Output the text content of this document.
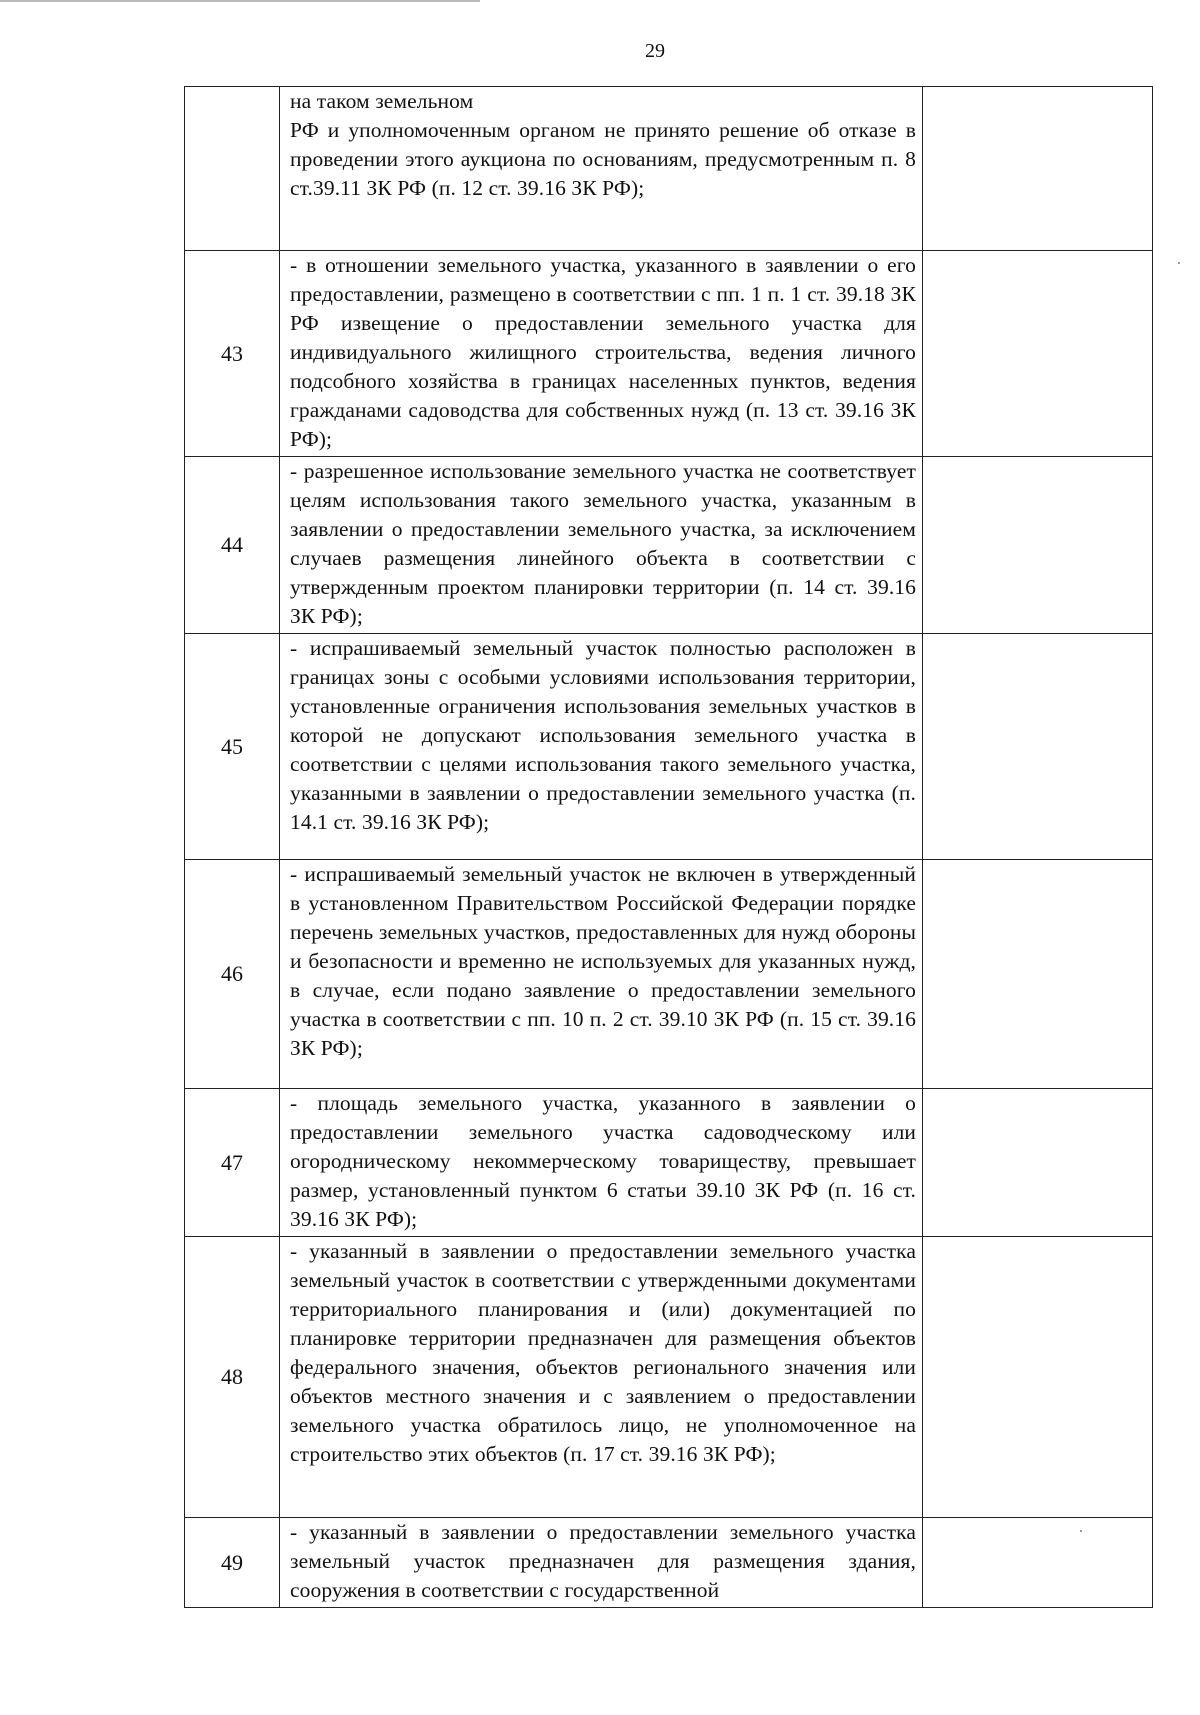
29

	на таком земельном
РФ и уполномоченным органом не принято решение об отказе в проведении этого аукциона по основаниям, предусмотренным п. 8 ст.39.11 ЗК РФ (п. 12 ст. 39.16 ЗК РФ);	

43	- в отношении земельного участка, указанного в заявлении о его предоставлении, размещено в соответствии с пп. 1 п. 1 ст. 39.18 ЗК РФ извещение о предоставлении земельного участка для индивидуального жилищного строительства, ведения личного подсобного хозяйства в границах населенных пунктов, ведения гражданами садоводства для собственных нужд (п. 13 ст. 39.16 ЗК РФ);	

44	- разрешенное использование земельного участка не соответствует целям использования такого земельного участка, указанным в заявлении о предоставлении земельного участка, за исключением случаев размещения линейного объекта в соответствии с утвержденным проектом планировки территории (п. 14 ст. 39.16 ЗК РФ);	

45	- испрашиваемый земельный участок полностью расположен в границах зоны с особыми условиями использования территории, установленные ограничения использования земельных участков в которой не допускают использования земельного участка в соответствии с целями использования такого земельного участка, указанными в заявлении о предоставлении земельного участка (п. 14.1 ст. 39.16 ЗК РФ);	

46	- испрашиваемый земельный участок не включен в утвержденный в установленном Правительством Российской Федерации порядке перечень земельных участков, предоставленных для нужд обороны и безопасности и временно не используемых для указанных нужд, в случае, если подано заявление о предоставлении земельного участка в соответствии с пп. 10 п. 2 ст. 39.10 ЗК РФ (п. 15 ст. 39.16 ЗК РФ);	

47	- площадь земельного участка, указанного в заявлении о предоставлении земельного участка садоводческому или огородническому некоммерческому товариществу, превышает размер, установленный пунктом 6 статьи 39.10 ЗК РФ (п. 16 ст. 39.16 ЗК РФ);	

48	- указанный в заявлении о предоставлении земельного участка земельный участок в соответствии с утвержденными документами территориального планирования и (или) документацией по планировке территории предназначен для размещения объектов федерального значения, объектов регионального значения или объектов местного значения и с заявлением о предоставлении земельного участка обратилось лицо, не уполномоченное на строительство этих объектов (п. 17 ст. 39.16 ЗК РФ);	

49	- указанный в заявлении о предоставлении земельного участка земельный участок предназначен для размещения здания, сооружения в соответствии с государственной	
